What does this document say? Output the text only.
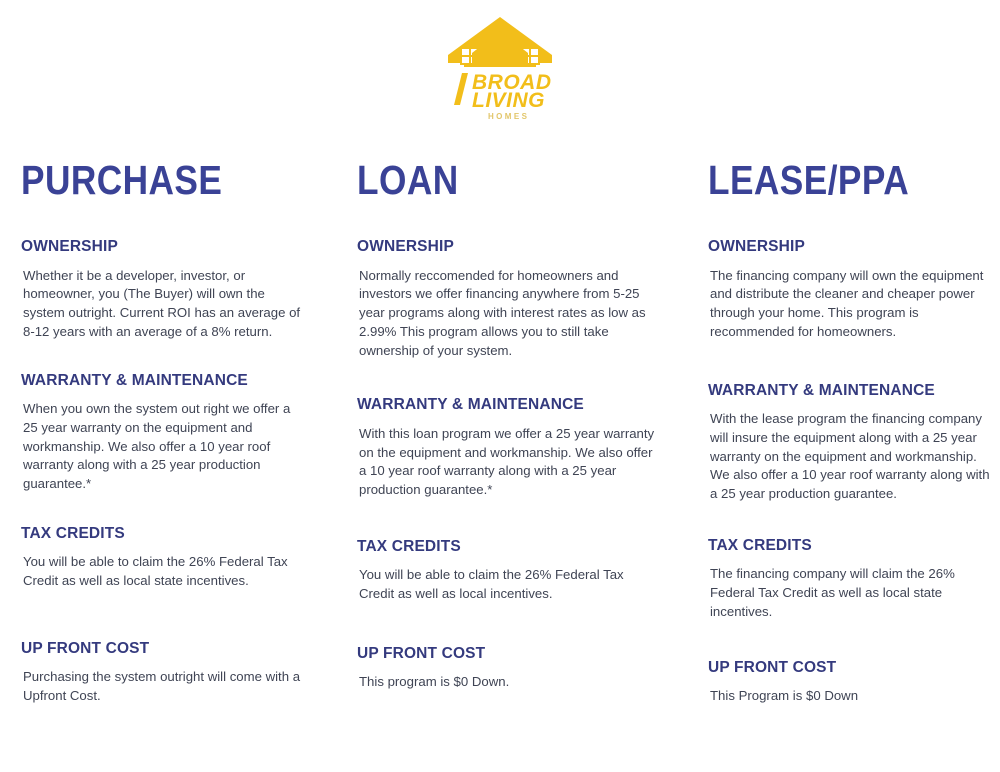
BROAD
LIVING
HOMES
PURCHASE
OWNERSHIP

Whether it be a developer, investor, or homeowner, you (The Buyer) will own the system outright. Current ROI has an average of 8-12 years with an average of a 8% return.

WARRANTY & MAINTENANCE

When you own the system out right we offer a 25 year warranty on the equipment and workmanship. We also offer a 10 year roof warranty along with a 25 year production guarantee.*

TAX CREDITS

You will be able to claim the 26% Federal Tax Credit as well as local state incentives.

UP FRONT COST

Purchasing the system outright will come with a Upfront Cost.

LOAN
OWNERSHIP

Normally reccomended for homeowners and investors we offer financing anywhere from 5-25 year programs along with interest rates as low as 2.99% This program allows you to still take ownership of your system.

WARRANTY & MAINTENANCE

With this loan program we offer a 25 year warranty on the equipment and workmanship. We also offer a 10 year roof warranty along with a 25 year production guarantee.*

TAX CREDITS

You will be able to claim the 26% Federal Tax Credit as well as local incentives.

UP FRONT COST

This program is $0 Down.

LEASE/PPA
OWNERSHIP

The financing company will own the equipment and distribute the cleaner and cheaper power through your home. This program is recommended for homeowners.

WARRANTY & MAINTENANCE

With the lease program the financing company will insure the equipment along with a 25 year warranty on the equipment and workmanship. We also offer a 10 year roof warranty along with a 25 year production guarantee.

TAX CREDITS

The financing company will claim the 26% Federal Tax Credit as well as local state incentives.

UP FRONT COST

This Program is $0 Down
